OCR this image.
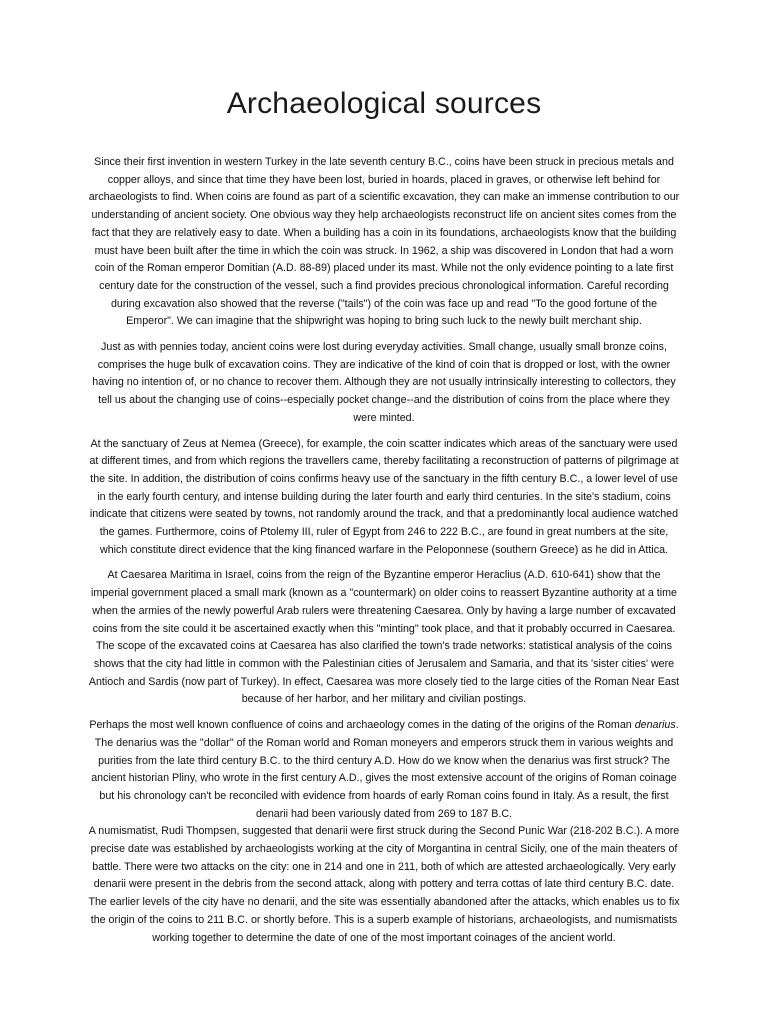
Archaeological sources

Since their first invention in western Turkey in the late seventh century B.C., coins have been struck in precious metals and copper alloys, and since that time they have been lost, buried in hoards, placed in graves, or otherwise left behind for archaeologists to find. When coins are found as part of a scientific excavation, they can make an immense contribution to our understanding of ancient society. One obvious way they help archaeologists reconstruct life on ancient sites comes from the fact that they are relatively easy to date. When a building has a coin in its foundations, archaeologists know that the building must have been built after the time in which the coin was struck. In 1962, a ship was discovered in London that had a worn coin of the Roman emperor Domitian (A.D. 88-89) placed under its mast. While not the only evidence pointing to a late first century date for the construction of the vessel, such a find provides precious chronological information. Careful recording during excavation also showed that the reverse ("tails") of the coin was face up and read "To the good fortune of the Emperor". We can imagine that the shipwright was hoping to bring such luck to the newly built merchant ship.

Just as with pennies today, ancient coins were lost during everyday activities. Small change, usually small bronze coins, comprises the huge bulk of excavation coins. They are indicative of the kind of coin that is dropped or lost, with the owner having no intention of, or no chance to recover them. Although they are not usually intrinsically interesting to collectors, they tell us about the changing use of coins--especially pocket change--and the distribution of coins from the place where they were minted.

At the sanctuary of Zeus at Nemea (Greece), for example, the coin scatter indicates which areas of the sanctuary were used at different times, and from which regions the travellers came, thereby facilitating a reconstruction of patterns of pilgrimage at the site. In addition, the distribution of coins confirms heavy use of the sanctuary in the fifth century B.C., a lower level of use in the early fourth century, and intense building during the later fourth and early third centuries. In the site's stadium, coins indicate that citizens were seated by towns, not randomly around the track, and that a predominantly local audience watched the games. Furthermore, coins of Ptolemy III, ruler of Egypt from 246 to 222 B.C., are found in great numbers at the site, which constitute direct evidence that the king financed warfare in the Peloponnese (southern Greece) as he did in Attica.

At Caesarea Maritima in Israel, coins from the reign of the Byzantine emperor Heraclius (A.D. 610-641) show that the imperial government placed a small mark (known as a "countermark) on older coins to reassert Byzantine authority at a time when the armies of the newly powerful Arab rulers were threatening Caesarea. Only by having a large number of excavated coins from the site could it be ascertained exactly when this "minting" took place, and that it probably occurred in Caesarea. The scope of the excavated coins at Caesarea has also clarified the town's trade networks: statistical analysis of the coins shows that the city had little in common with the Palestinian cities of Jerusalem and Samaria, and that its 'sister cities' were Antioch and Sardis (now part of Turkey). In effect, Caesarea was more closely tied to the large cities of the Roman Near East because of her harbor, and her military and civilian postings.

Perhaps the most well known confluence of coins and archaeology comes in the dating of the origins of the Roman denarius. The denarius was the "dollar" of the Roman world and Roman moneyers and emperors struck them in various weights and purities from the late third century B.C. to the third century A.D. How do we know when the denarius was first struck? The ancient historian Pliny, who wrote in the first century A.D., gives the most extensive account of the origins of Roman coinage but his chronology can't be reconciled with evidence from hoards of early Roman coins found in Italy. As a result, the first denarii had been variously dated from 269 to 187 B.C.

A numismatist, Rudi Thompsen, suggested that denarii were first struck during the Second Punic War (218-202 B.C.). A more precise date was established by archaeologists working at the city of Morgantina in central Sicily, one of the main theaters of battle. There were two attacks on the city: one in 214 and one in 211, both of which are attested archaeologically. Very early denarii were present in the debris from the second attack, along with pottery and terra cottas of late third century B.C. date. The earlier levels of the city have no denarii, and the site was essentially abandoned after the attacks, which enables us to fix the origin of the coins to 211 B.C. or shortly before. This is a superb example of historians, archaeologists, and numismatists working together to determine the date of one of the most important coinages of the ancient world.
